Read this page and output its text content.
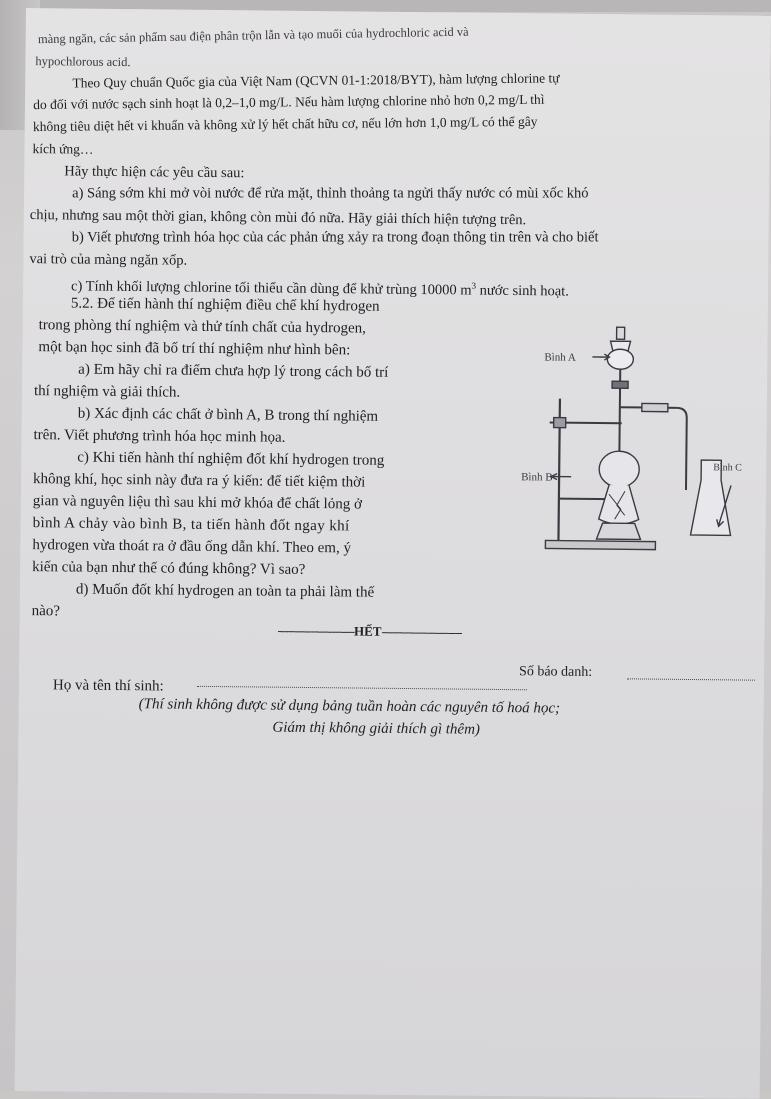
màng ngăn, các sản phẩm sau điện phân trộn lẫn và tạo muối của hydrochloric acid và
hypochlorous acid.
Theo Quy chuẩn Quốc gia của Việt Nam (QCVN 01-1:2018/BYT), hàm lượng chlorine tự
do đối với nước sạch sinh hoạt là 0,2–1,0 mg/L. Nếu hàm lượng chlorine nhỏ hơn 0,2 mg/L thì
không tiêu diệt hết vi khuẩn và không xử lý hết chất hữu cơ, nếu lớn hơn 1,0 mg/L có thể gây
kích ứng…
Hãy thực hiện các yêu cầu sau:
a) Sáng sớm khi mở vòi nước để rửa mặt, thỉnh thoảng ta ngửi thấy nước có mùi xốc khó
chịu, nhưng sau một thời gian, không còn mùi đó nữa. Hãy giải thích hiện tượng trên.
b) Viết phương trình hóa học của các phản ứng xảy ra trong đoạn thông tin trên và cho biết
vai trò của màng ngăn xốp.
c) Tính khối lượng chlorine tối thiểu cần dùng để khử trùng 10000 $m^3$ nước sinh hoạt.
5.2. Để tiến hành thí nghiệm điều chế khí hydrogen
trong phòng thí nghiệm và thử tính chất của hydrogen,
một bạn học sinh đã bố trí thí nghiệm như hình bên:
a) Em hãy chỉ ra điểm chưa hợp lý trong cách bố trí
thí nghiệm và giải thích.
b) Xác định các chất ở bình A, B trong thí nghiệm
trên. Viết phương trình hóa học minh họa.
c) Khi tiến hành thí nghiệm đốt khí hydrogen trong
không khí, học sinh này đưa ra ý kiến: để tiết kiệm thời
gian và nguyên liệu thì sau khi mở khóa để chất lỏng ở
bình A chảy vào bình B, ta tiến hành đốt ngay khí
hydrogen vừa thoát ra ở đầu ống dẫn khí. Theo em, ý
kiến của bạn như thế có đúng không? Vì sao?
d) Muốn đốt khí hydrogen an toàn ta phải làm thế
nào?
Bình A
Bình B
Bình C
-----------------------HẾT------------------------
Họ và tên thí sinh:
Số báo danh:
(Thí sinh không được sử dụng bảng tuần hoàn các nguyên tố hoá học;
Giám thị không giải thích gì thêm)
